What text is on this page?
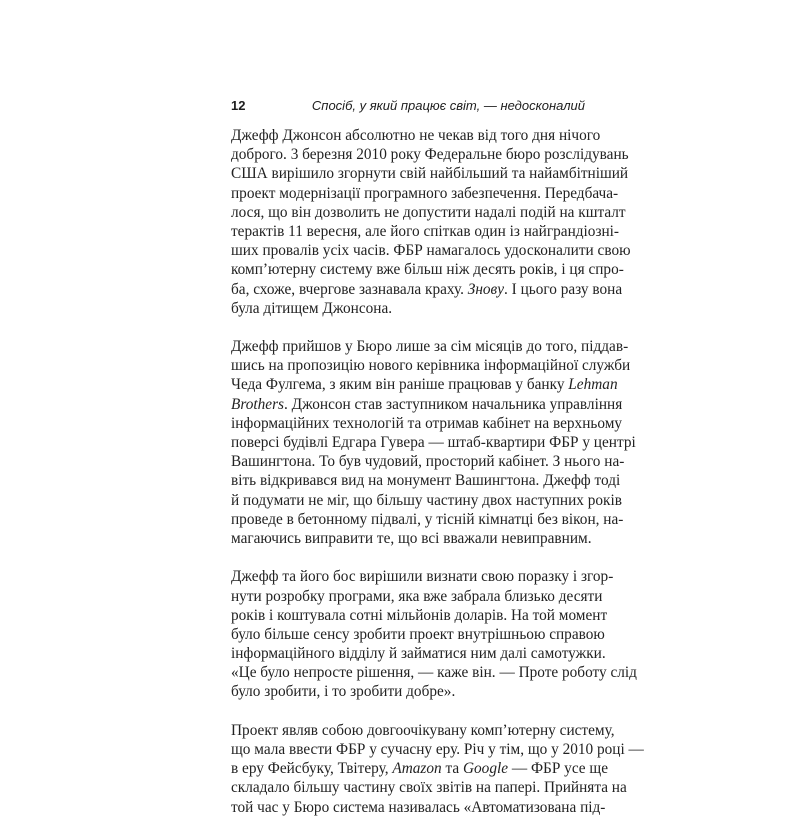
12	Спосіб, у який працює світ, — недосконалий
Джефф Джонсон абсолютно не чекав від того дня нічого
доброго. 3 березня 2010 року Федеральне бюро розслідувань
США вирішило згорнути свій найбільший та найамбітніший
проект модернізації програмного забезпечення. Передбача-
лося, що він дозволить не допустити надалі подій на кшталт
терактів 11 вересня, але його спіткав один із найграндіозні-
ших провалів усіх часів. ФБР намагалось удосконалити свою
комп’ютерну систему вже більш ніж десять років, і ця спро-
ба, схоже, вчергове зазнавала краху. Знову. І цього разу вона
була дітищем Джонсона.
Джефф прийшов у Бюро лише за сім місяців до того, піддав-
шись на пропозицію нового керівника інформаційної служби
Чеда Фулгема, з яким він раніше працював у банку Lehman
Brothers. Джонсон став заступником начальника управління
інформаційних технологій та отримав кабінет на верхньому
поверсі будівлі Едгара Гувера — штаб-квартири ФБР у центрі
Вашингтона. То був чудовий, просторий кабінет. З нього на-
віть відкривався вид на монумент Вашингтона. Джефф тоді
й подумати не міг, що більшу частину двох наступних років
проведе в бетонному підвалі, у тісній кімнатці без вікон, на-
магаючись виправити те, що всі вважали невиправним.
Джефф та його бос вирішили визнати свою поразку і згор-
нути розробку програми, яка вже забрала близько десяти
років і коштувала сотні мільйонів доларів. На той момент
було більше сенсу зробити проект внутрішньою справою
інформаційного відділу й займатися ним далі самотужки.
«Це було непросте рішення, — каже він. — Проте роботу слід
було зробити, і то зробити добре».
Проект являв собою довгоочікувану комп’ютерну систему,
що мала ввести ФБР у сучасну еру. Річ у тім, що у 2010 році —
в еру Фейсбуку, Твітеру, Amazon та Google — ФБР усе ще
складало більшу частину своїх звітів на папері. Прийнята на
той час у Бюро система називалась «Автоматизована під-
